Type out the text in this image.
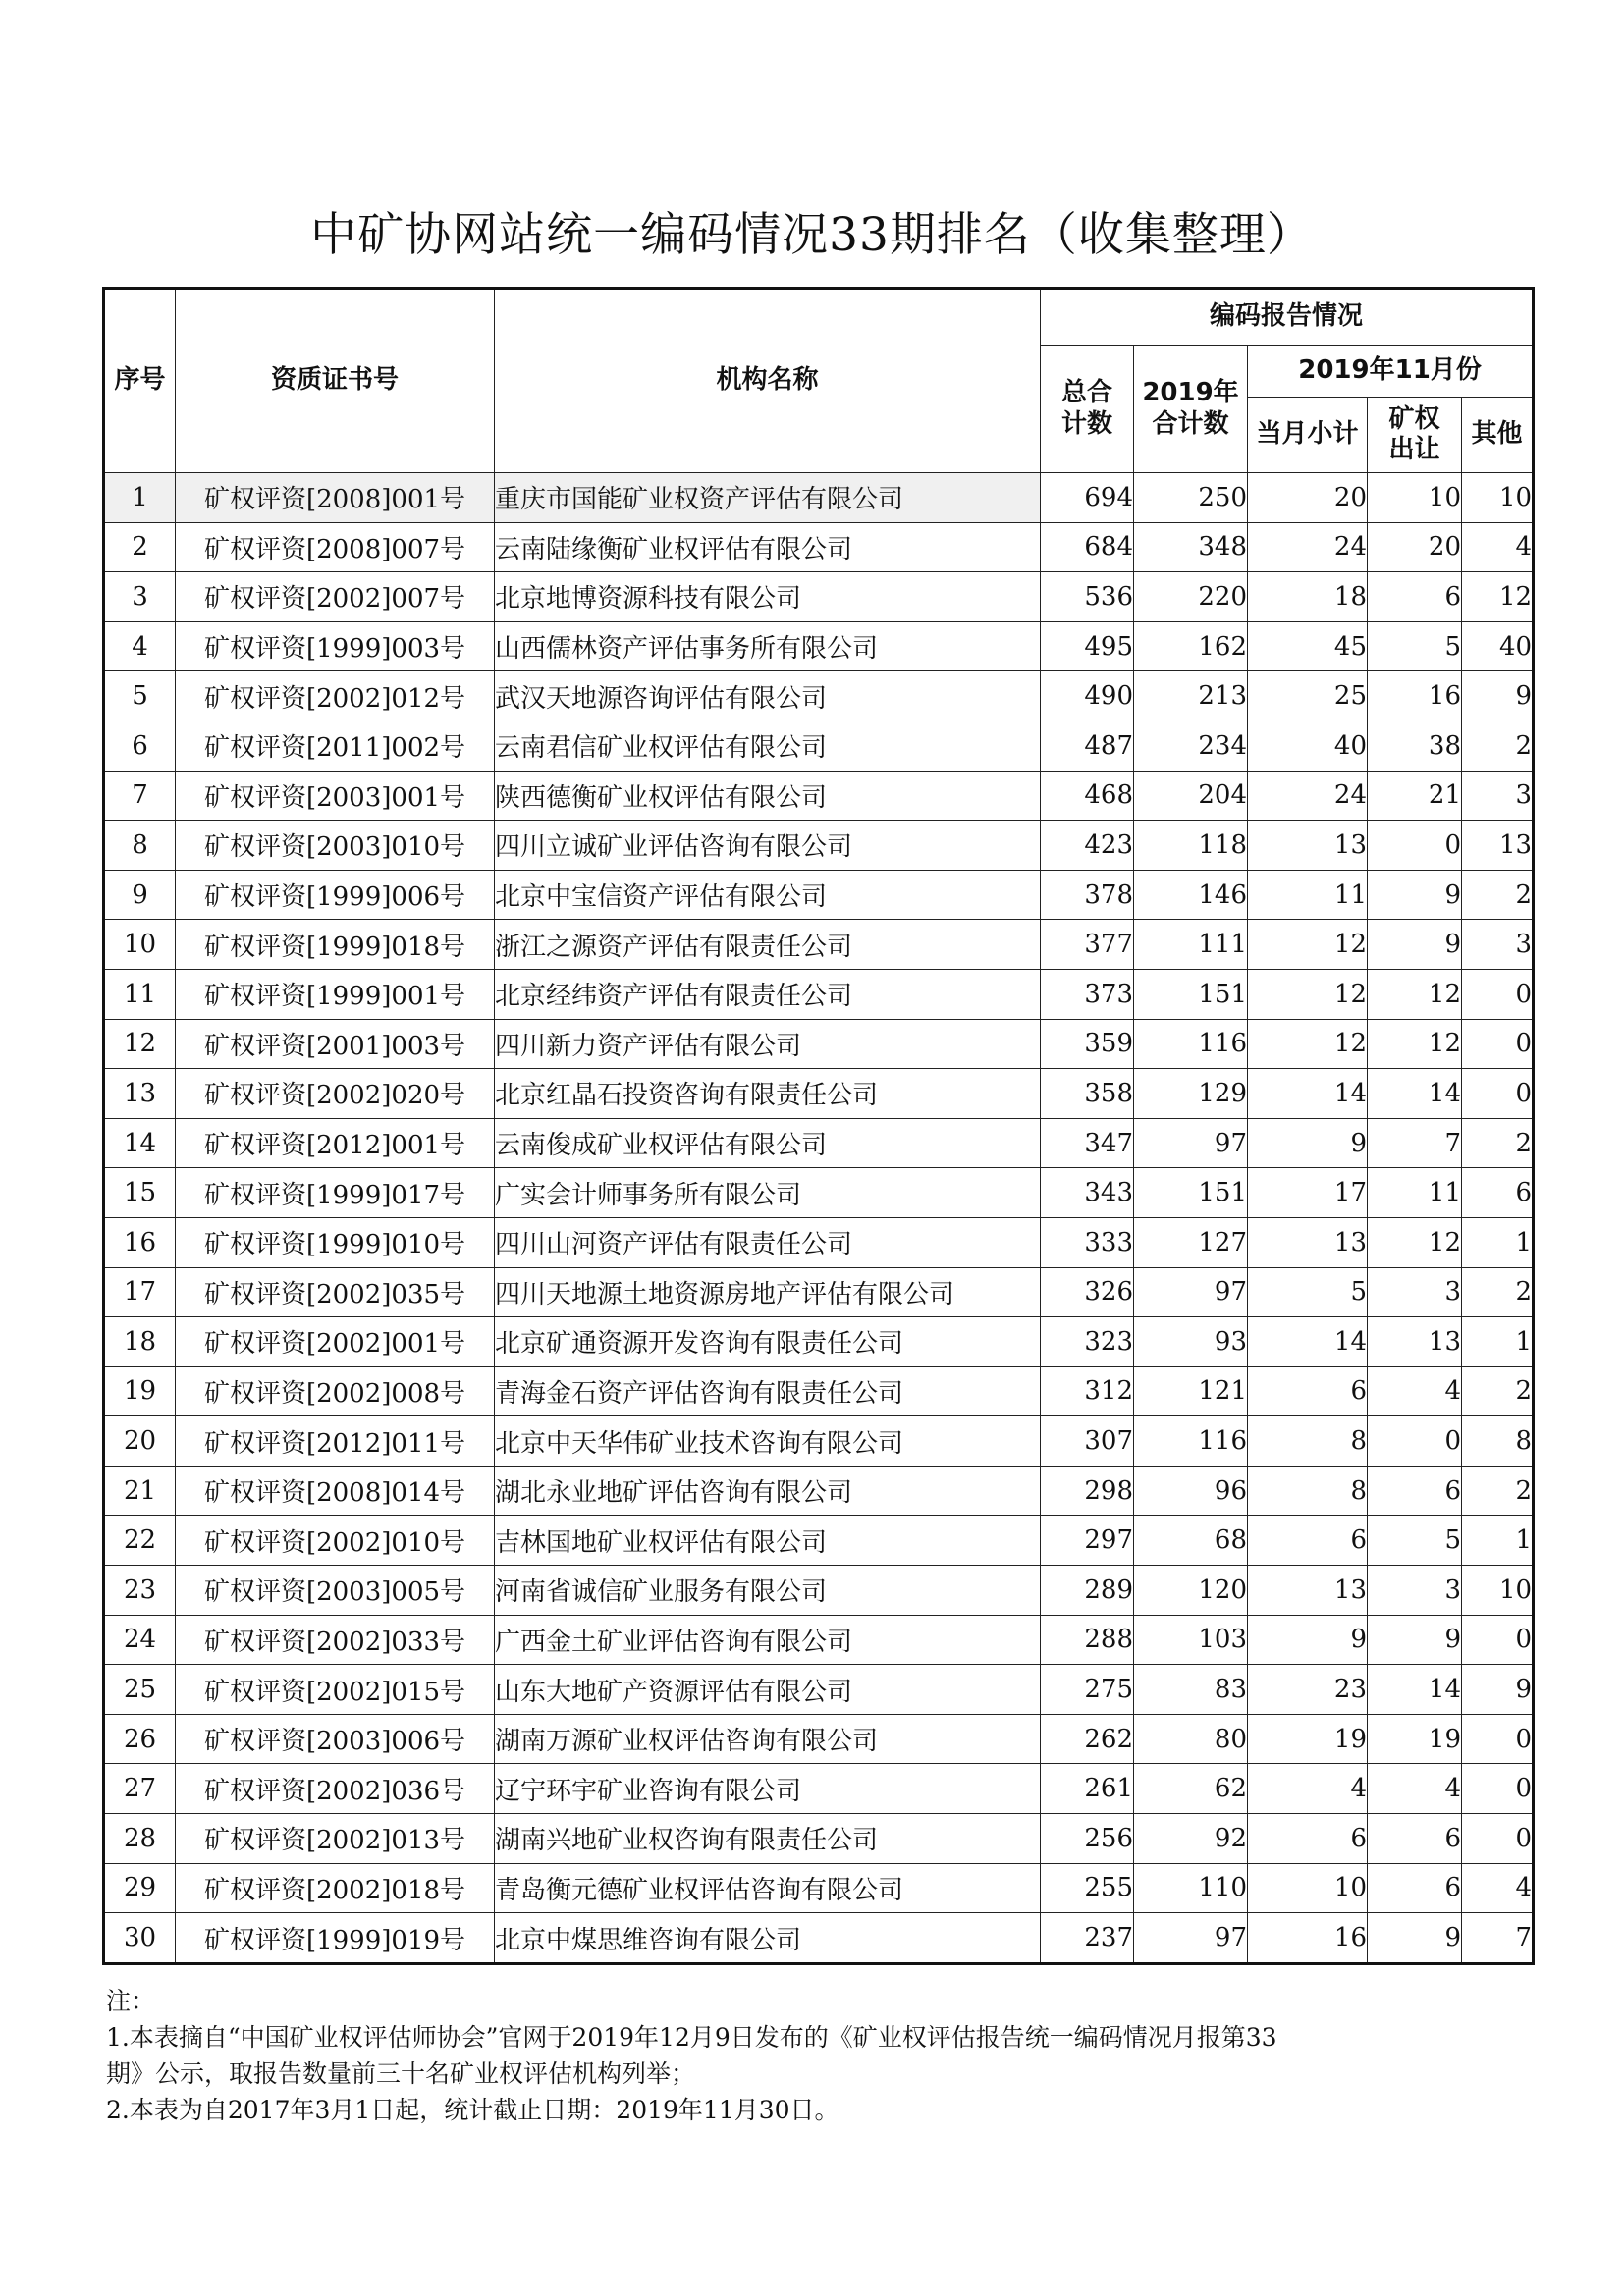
中矿协网站统一编码情况33期排名（收集整理）
序号	资质证书号	机构名称	编码报告情况				
			总合计数	2019年合计数	2019年11月份		
					当月小计	矿权出让	其他
1	矿权评资[2008]001号	重庆市国能矿业权资产评估有限公司	694	250	20	10	10
2	矿权评资[2008]007号	云南陆缘衡矿业权评估有限公司	684	348	24	20	4
3	矿权评资[2002]007号	北京地博资源科技有限公司	536	220	18	6	12
4	矿权评资[1999]003号	山西儒林资产评估事务所有限公司	495	162	45	5	40
5	矿权评资[2002]012号	武汉天地源咨询评估有限公司	490	213	25	16	9
6	矿权评资[2011]002号	云南君信矿业权评估有限公司	487	234	40	38	2
7	矿权评资[2003]001号	陕西德衡矿业权评估有限公司	468	204	24	21	3
8	矿权评资[2003]010号	四川立诚矿业评估咨询有限公司	423	118	13	0	13
9	矿权评资[1999]006号	北京中宝信资产评估有限公司	378	146	11	9	2
10	矿权评资[1999]018号	浙江之源资产评估有限责任公司	377	111	12	9	3
11	矿权评资[1999]001号	北京经纬资产评估有限责任公司	373	151	12	12	0
12	矿权评资[2001]003号	四川新力资产评估有限公司	359	116	12	12	0
13	矿权评资[2002]020号	北京红晶石投资咨询有限责任公司	358	129	14	14	0
14	矿权评资[2012]001号	云南俊成矿业权评估有限公司	347	97	9	7	2
15	矿权评资[1999]017号	广实会计师事务所有限公司	343	151	17	11	6
16	矿权评资[1999]010号	四川山河资产评估有限责任公司	333	127	13	12	1
17	矿权评资[2002]035号	四川天地源土地资源房地产评估有限公司	326	97	5	3	2
18	矿权评资[2002]001号	北京矿通资源开发咨询有限责任公司	323	93	14	13	1
19	矿权评资[2002]008号	青海金石资产评估咨询有限责任公司	312	121	6	4	2
20	矿权评资[2012]011号	北京中天华伟矿业技术咨询有限公司	307	116	8	0	8
21	矿权评资[2008]014号	湖北永业地矿评估咨询有限公司	298	96	8	6	2
22	矿权评资[2002]010号	吉林国地矿业权评估有限公司	297	68	6	5	1
23	矿权评资[2003]005号	河南省诚信矿业服务有限公司	289	120	13	3	10
24	矿权评资[2002]033号	广西金土矿业评估咨询有限公司	288	103	9	9	0
25	矿权评资[2002]015号	山东大地矿产资源评估有限公司	275	83	23	14	9
26	矿权评资[2003]006号	湖南万源矿业权评估咨询有限公司	262	80	19	19	0
27	矿权评资[2002]036号	辽宁环宇矿业咨询有限公司	261	62	4	4	0
28	矿权评资[2002]013号	湖南兴地矿业权咨询有限责任公司	256	92	6	6	0
29	矿权评资[2002]018号	青岛衡元德矿业权评估咨询有限公司	255	110	10	6	4
30	矿权评资[1999]019号	北京中煤思维咨询有限公司	237	97	16	9	7
注：
1.本表摘自“中国矿业权评估师协会”官网于2019年12月9日发布的《矿业权评估报告统一编码情况月报第33
期》公示，取报告数量前三十名矿业权评估机构列举；
2.本表为自2017年3月1日起，统计截止日期：2019年11月30日。
